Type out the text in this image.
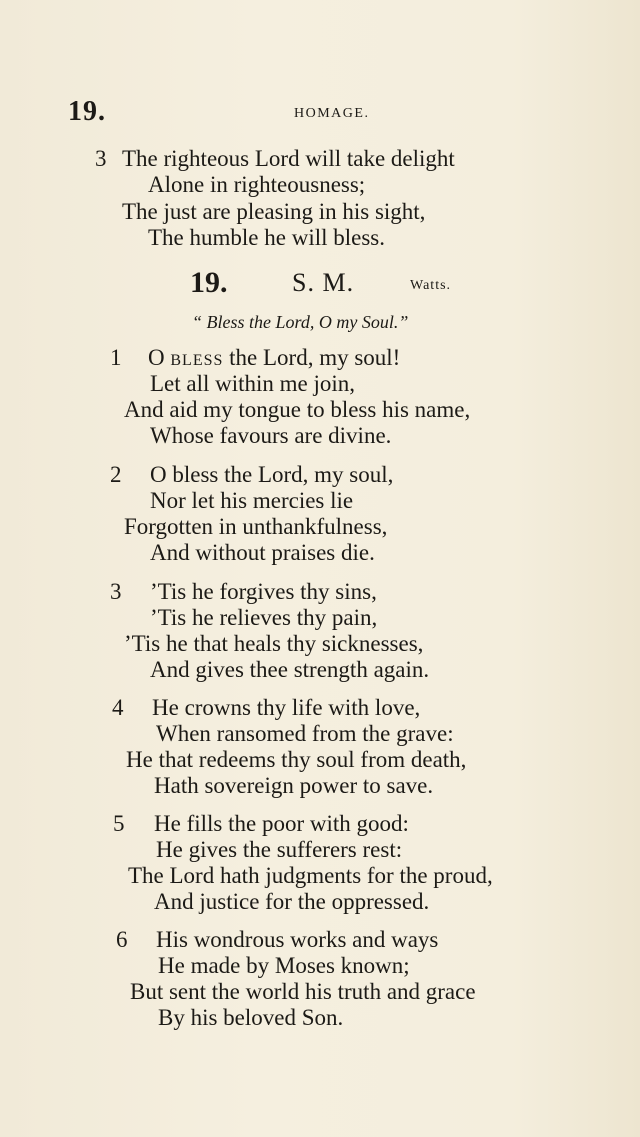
19.	HOMAGE.
3 The righteous Lord will take delight
Alone in righteousness;
The just are pleasing in his sight,
The humble he will bless.
19. S. M.	Watts.
“ Bless the Lord, O my Soul.”
1 O BLESS the Lord, my soul!
Let all within me join,
And aid my tongue to bless his name,
Whose favours are divine.
2 O bless the Lord, my soul,
Nor let his mercies lie
Forgotten in unthankfulness,
And without praises die.
3 ’Tis he forgives thy sins,
’Tis he relieves thy pain,
’Tis he that heals thy sicknesses,
And gives thee strength again.
4 He crowns thy life with love,
When ransomed from the grave:
He that redeems thy soul from death,
Hath sovereign power to save.
5 He fills the poor with good:
He gives the sufferers rest:
The Lord hath judgments for the proud,
And justice for the oppressed.
6 His wondrous works and ways
He made by Moses known;
But sent the world his truth and grace
By his beloved Son.
